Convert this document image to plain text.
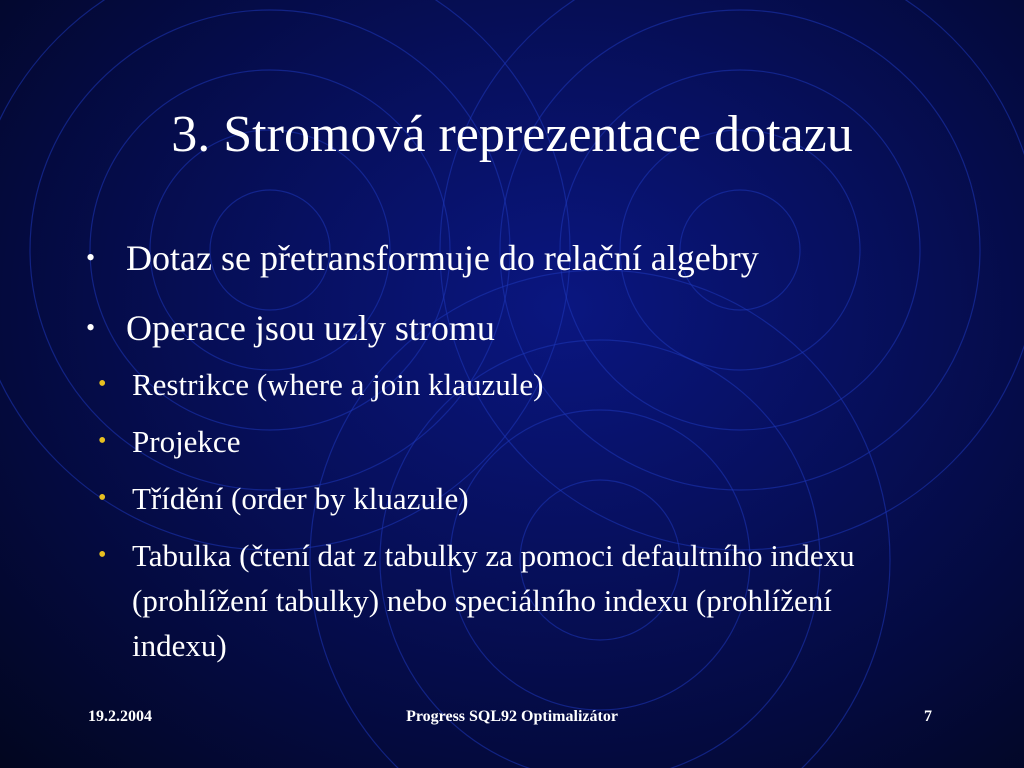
3. Stromová reprezentace dotazu
• Dotaz se přetransformuje do relační algebry
• Operace jsou uzly stromu
• Restrikce (where a join klauzule)
• Projekce
• Třídění (order by kluazule)
• Tabulka (čtení dat z tabulky za pomoci defaultního indexu (prohlížení tabulky) nebo speciálního indexu (prohlížení indexu)
19.2.2004	Progress SQL92 Optimalizátor	7
